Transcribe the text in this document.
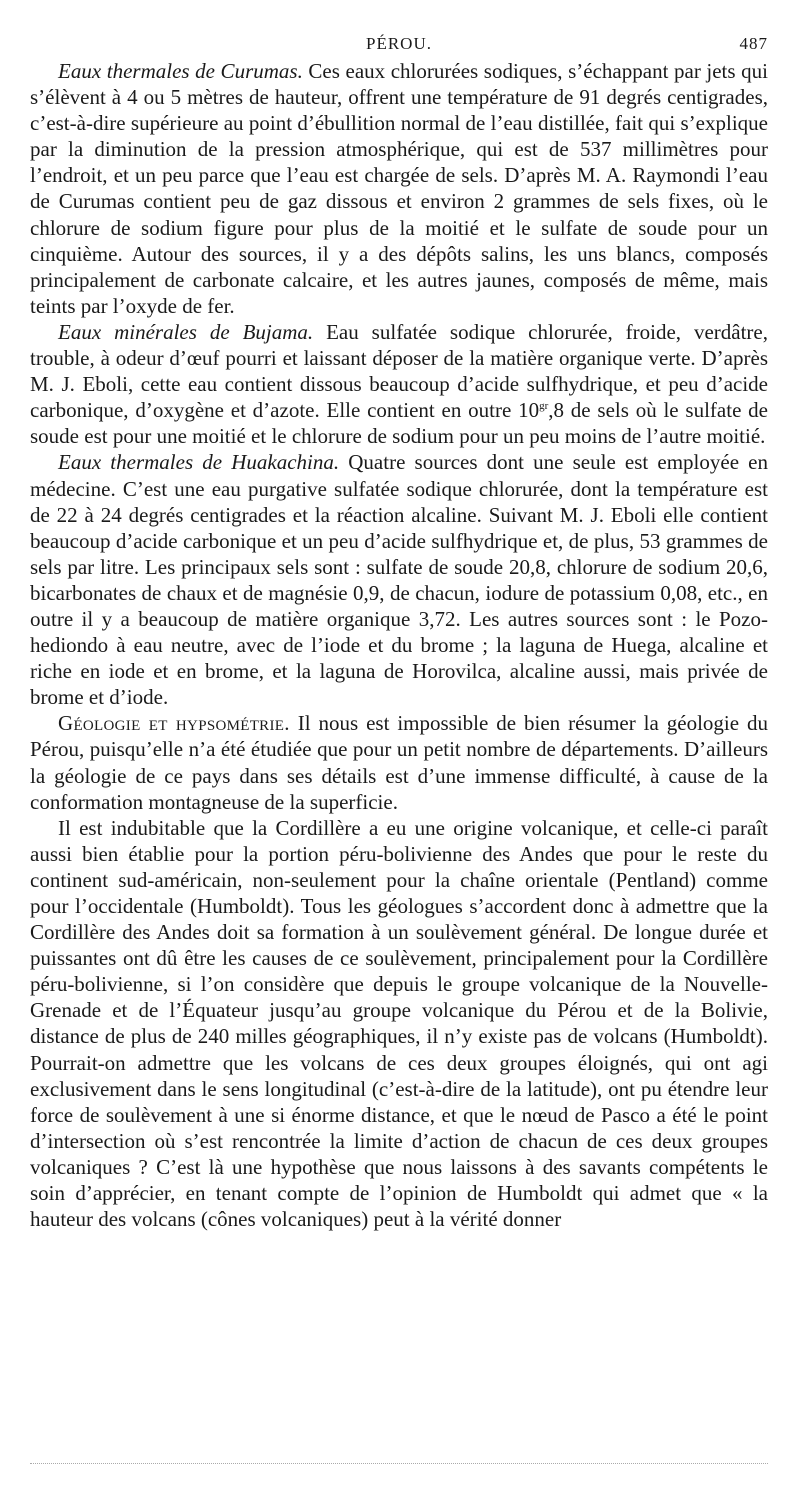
PÉROU.	487

Eaux thermales de Curumas. Ces eaux chlorurées sodiques, s’échappant par jets qui s’élèvent à 4 ou 5 mètres de hauteur, offrent une température de 91 degrés centigrades, c’est-à-dire supérieure au point d’ébullition normal de l’eau distillée, fait qui s’explique par la diminution de la pression atmosphérique, qui est de 537 millimètres pour l’endroit, et un peu parce que l’eau est chargée de sels. D’après M. A. Raymondi l’eau de Curumas contient peu de gaz dissous et environ 2 grammes de sels fixes, où le chlorure de sodium figure pour plus de la moitié et le sulfate de soude pour un cinquième. Autour des sources, il y a des dépôts salins, les uns blancs, composés principalement de carbonate calcaire, et les autres jaunes, composés de même, mais teints par l’oxyde de fer.

Eaux minérales de Bujama. Eau sulfatée sodique chlorurée, froide, verdâtre, trouble, à odeur d’œuf pourri et laissant déposer de la matière organique verte. D’après M. J. Eboli, cette eau contient dissous beaucoup d’acide sulfhydrique, et peu d’acide carbonique, d’oxygène et d’azote. Elle contient en outre $10^{gr},8$ de sels où le sulfate de soude est pour une moitié et le chlorure de sodium pour un peu moins de l’autre moitié.

Eaux thermales de Huakachina. Quatre sources dont une seule est employée en médecine. C’est une eau purgative sulfatée sodique chlorurée, dont la température est de 22 à 24 degrés centigrades et la réaction alcaline. Suivant M. J. Eboli elle contient beaucoup d’acide carbonique et un peu d’acide sulfhydrique et, de plus, 53 grammes de sels par litre. Les principaux sels sont : sulfate de soude 20,8, chlorure de sodium 20,6, bicarbonates de chaux et de magnésie 0,9, de chacun, iodure de potassium 0,08, etc., en outre il y a beaucoup de matière organique 3,72. Les autres sources sont : le Pozo-hediondo à eau neutre, avec de l’iode et du brome ; la laguna de Huega, alcaline et riche en iode et en brome, et la laguna de Horovilca, alcaline aussi, mais privée de brome et d’iode.

Géologie et hypsométrie. Il nous est impossible de bien résumer la géologie du Pérou, puisqu’elle n’a été étudiée que pour un petit nombre de départements. D’ailleurs la géologie de ce pays dans ses détails est d’une immense difficulté, à cause de la conformation montagneuse de la superficie.

Il est indubitable que la Cordillère a eu une origine volcanique, et celle-ci paraît aussi bien établie pour la portion péru-bolivienne des Andes que pour le reste du continent sud-américain, non-seulement pour la chaîne orientale (Pentland) comme pour l’occidentale (Humboldt). Tous les géologues s’accordent donc à admettre que la Cordillère des Andes doit sa formation à un soulèvement général. De longue durée et puissantes ont dû être les causes de ce soulèvement, principalement pour la Cordillère péru-bolivienne, si l’on considère que depuis le groupe volcanique de la Nouvelle-Grenade et de l’Équateur jusqu’au groupe volcanique du Pérou et de la Bolivie, distance de plus de 240 milles géographiques, il n’y existe pas de volcans (Humboldt). Pourrait-on admettre que les volcans de ces deux groupes éloignés, qui ont agi exclusivement dans le sens longitudinal (c’est-à-dire de la latitude), ont pu étendre leur force de soulèvement à une si énorme distance, et que le nœud de Pasco a été le point d’intersection où s’est rencontrée la limite d’action de chacun de ces deux groupes volcaniques ? C’est là une hypothèse que nous laissons à des savants compétents le soin d’apprécier, en tenant compte de l’opinion de Humboldt qui admet que « la hauteur des volcans (cônes volcaniques) peut à la vérité donner
